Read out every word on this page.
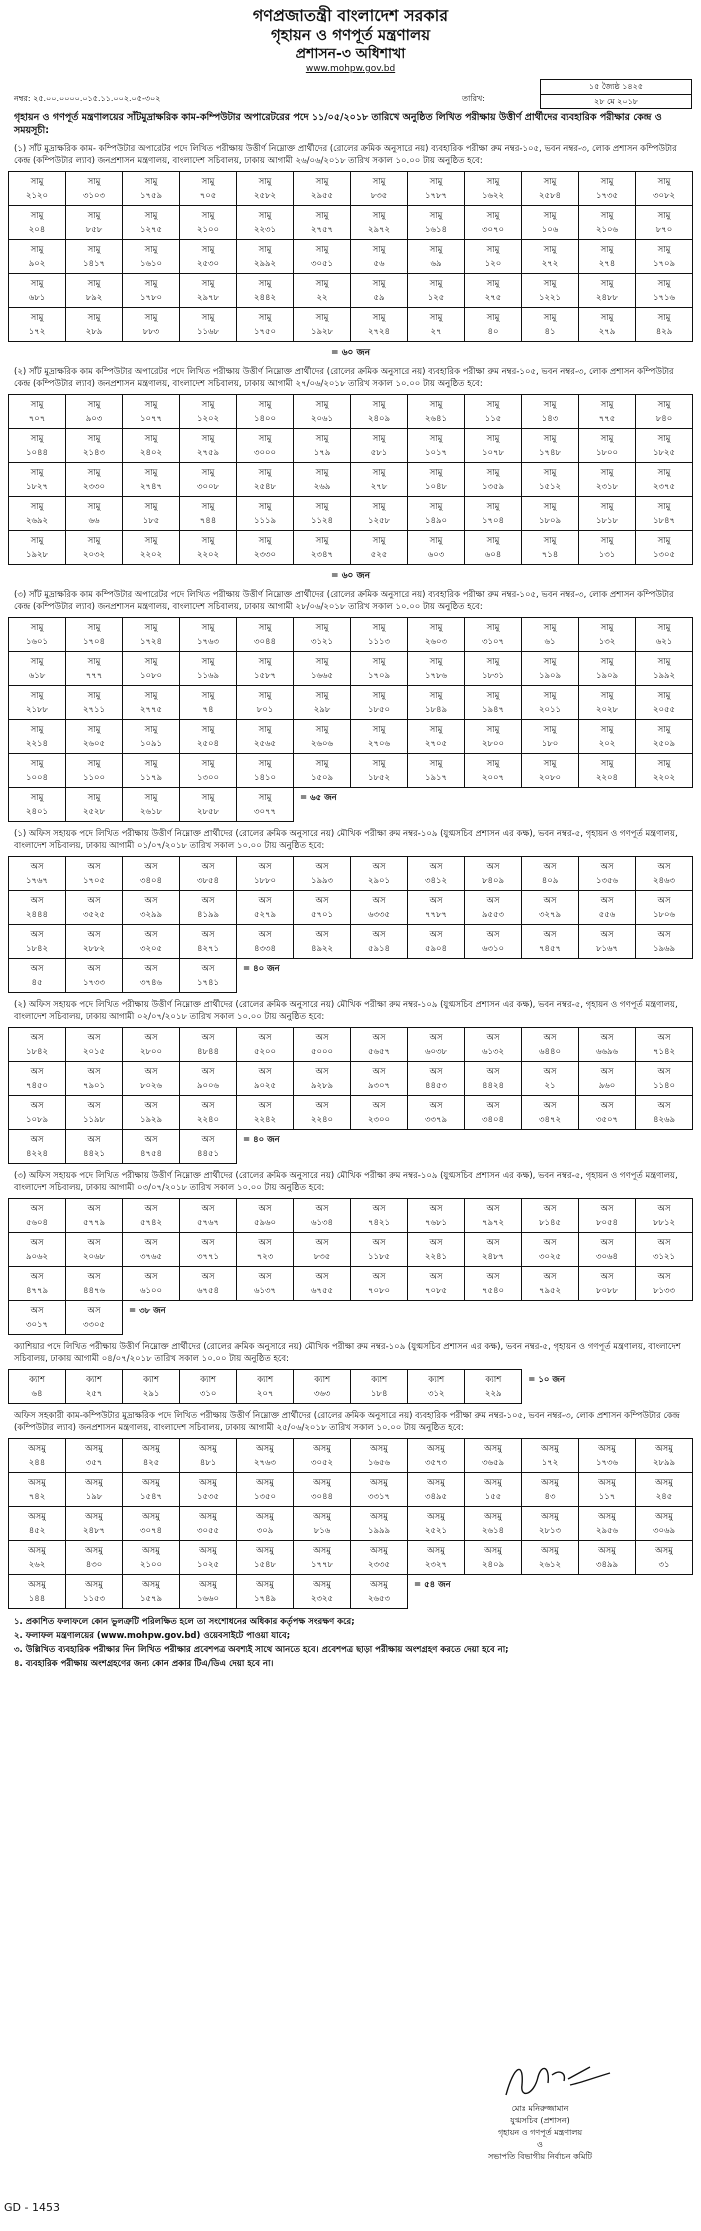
গণপ্রজাতন্ত্রী বাংলাদেশ সরকার
গৃহায়ন ও গণপূর্ত মন্ত্রণালয়
প্রশাসন-৩ অধিশাখা
www.mohpw.gov.bd
নম্বর: ২৫.০০.০০০০.০১৫.১১.০০২.০৫-৩০২	তারিখ:
১৫ জ্যৈষ্ঠ ১৪২৫
২৮ মে ২০১৮
গৃহায়ন ও গণপূর্ত মন্ত্রণালয়ের সাঁটমুদ্রাক্ষরিক কাম-কম্পিউটার অপারেটরের পদে ১১/০৫/২০১৮ তারিখে অনুষ্ঠিত লিখিত পরীক্ষায় উত্তীর্ণ প্রার্থীদের ব্যবহারিক পরীক্ষার কেন্দ্র ও সময়সূচী:
(১) সাঁট মুদ্রাক্ষরিক কাম- কম্পিউটার অপারেটর পদে লিখিত পরীক্ষায় উত্তীর্ণ নিম্নোক্ত প্রার্থীদের (রোলের ক্রমিক অনুসারে নয়) ব্যবহারিক পরীক্ষা রুম নম্বর-১০৫, ভবন নম্বর-৩, লোক প্রশাসন কম্পিউটার কেন্দ্র (কম্পিউটার ল্যাব) জনপ্রশাসন মন্ত্রণালয়, বাংলাদেশ সচিবালয়, ঢাকায় আগামী ২৬/০৬/২০১৮ তারিখ সকাল ১০.০০ টায় অনুষ্ঠিত হবে:
সামু
২১২০	সামু
৩১০৩	সামু
১৭৫৯	সামু
৭০৫	সামু
২৫৮২	সামু
২৯৫৫	সামু
৮৩৫	সামু
১৭৮৭	সামু
১৬২২	সামু
২৫৮৪	সামু
১৭৩৫	সামু
৩০৮২

সামু
২০৪	সামু
৮৫৮	সামু
১২৭৫	সামু
২১০০	সামু
২২৩১	সামু
২৭৫৭	সামু
২৯৭২	সামু
১৬১৪	সামু
৩০৭০	সামু
১০৬	সামু
২১০৬	সামু
৮৭০

সামু
৯০২	সামু
১৪১৭	সামু
১৬১০	সামু
২৫৩০	সামু
২৯৯২	সামু
৩০৫১	সামু
৫৬	সামু
৬৯	সামু
১২০	সামু
২৭২	সামু
২৭৪	সামু
১৭০৯

সামু
৬৮১	সামু
৮৯২	সামু
১৭৮০	সামু
২৯৭৮	সামু
২৪৪২	সামু
২২	সামু
৫৯	সামু
১২৫	সামু
২৭৫	সামু
১২২১	সামু
২৪৮৮	সামু
১৭১৬

সামু
১৭২	সামু
২৮৯	সামু
৮৮৩	সামু
১১৬৮	সামু
১৭৫০	সামু
১৯২৮	সামু
২৭২৪	সামু
২৭	সামু
৪০	সামু
৪১	সামু
২৭৯	সামু
৪২৯
= ৬০ জন
(২) সাঁট মুদ্রাক্ষরিক কাম কম্পিউটার অপারেটর পদে লিখিত পরীক্ষায় উত্তীর্ণ নিম্নোক্ত প্রার্থীদের (রোলের ক্রমিক অনুসারে নয়) ব্যবহারিক পরীক্ষা রুম নম্বর-১০৫, ভবন নম্বর-৩, লোক প্রশাসন কম্পিউটার কেন্দ্র (কম্পিউটার ল্যাব) জনপ্রশাসন মন্ত্রণালয়, বাংলাদেশ সচিবালয়, ঢাকায় আগামী ২৭/০৬/২০১৮ তারিখ সকাল ১০.০০ টায় অনুষ্ঠিত হবে:
সামু
৭০৭	সামু
৯০৩	সামু
১০৭৭	সামু
১২০২	সামু
১৪০০	সামু
২০৬১	সামু
২৪০৯	সামু
২৬৪১	সামু
১১৫	সামু
১৪৩	সামু
৭৭৫	সামু
৮৪০

সামু
১০৪৪	সামু
২১৪৩	সামু
২৪০২	সামু
২৭৫৯	সামু
৩০০০	সামু
১৭৯	সামু
৫৮১	সামু
১০১৭	সামু
১০৭৮	সামু
১৭৪৮	সামু
১৮০০	সামু
১৮২৫

সামু
১৮২৭	সামু
২৩৩০	সামু
২৭৪৭	সামু
৩০০৮	সামু
২৫৪৮	সামু
২৬৯	সামু
২৭৮	সামু
১০৪৮	সামু
১৩৫৯	সামু
১৫১২	সামু
২৩১৮	সামু
২৩৭৫

সামু
২৬৯২	সামু
৬৬	সামু
১৮৫	সামু
৭৪৪	সামু
১১১৯	সামু
১১২৪	সামু
১২৫৮	সামু
১৪৯০	সামু
১৭০৪	সামু
১৮০৯	সামু
১৮১৮	সামু
১৮৪৭

সামু
১৯২৮	সামু
২০৩২	সামু
২২০২	সামু
২২০২	সামু
২৩৩০	সামু
২৩৪৭	সামু
৫২৫	সামু
৬০৩	সামু
৬০৪	সামু
৭১৪	সামু
১৩১	সামু
১৩০৫
= ৬০ জন
(৩) সাঁট মুদ্রাক্ষরিক কাম কম্পিউটার অপারেটর পদে লিখিত পরীক্ষায় উত্তীর্ণ নিম্নোক্ত প্রার্থীদের (রোলের ক্রমিক অনুসারে নয়) ব্যবহারিক পরীক্ষা রুম নম্বর-১০৫, ভবন নম্বর-৩, লোক প্রশাসন কম্পিউটার কেন্দ্র (কম্পিউটার ল্যাব) জনপ্রশাসন মন্ত্রণালয়, বাংলাদেশ সচিবালয়, ঢাকায় আগামী ২৮/০৬/২০১৮ তারিখ সকাল ১০.০০ টায় অনুষ্ঠিত হবে:
সামু
১৬০১	সামু
১৭০৪	সামু
১৭২৪	সামু
১৭৬৩	সামু
৩০৪৪	সামু
৩১২১	সামু
১১১৩	সামু
২৬০৩	সামু
৩১০৭	সামু
৬১	সামু
১৩২	সামু
৬২১

সামু
৬১৮	সামু
৭৭৭	সামু
১০৮০	সামু
১১৬৯	সামু
১৫৮৭	সামু
১৬৬৫	সামু
১৭০৯	সামু
১৭৮৬	সামু
১৮৩১	সামু
১৯০৯	সামু
১৯০৯	সামু
১৯৯২

সামু
২১৮৮	সামু
২৭১১	সামু
২৭৭৫	সামু
৭৪	সামু
৮০১	সামু
২৯৮	সামু
১৮৫০	সামু
১৮৪৯	সামু
১৯৪৭	সামু
২০১১	সামু
২০২৮	সামু
২০৫৫

সামু
২২১৪	সামু
২৬০৫	সামু
১০৯১	সামু
২৫০৪	সামু
২৫৬৫	সামু
২৬০৬	সামু
২৭০৬	সামু
২৭০৫	সামু
২৮০০	সামু
১৮০	সামু
২০২	সামু
২৫০৯

সামু
১০০৪	সামু
১১০০	সামু
১১৭৯	সামু
১৩০০	সামু
১৪১০	সামু
১৫০৯	সামু
১৮৫২	সামু
১৯১৭	সামু
২০০৭	সামু
২০৮০	সামু
২২০৪	সামু
২২০২

সামু
২৪০১	সামু
২৫২৮	সামু
২৬১৮	সামু
২৮৫৮	সামু
৩০৭৭	= ৬৫ জন						
(১) অফিস সহায়ক পদে লিখিত পরীক্ষায় উত্তীর্ণ নিম্নোক্ত প্রার্থীদের (রোলের ক্রমিক অনুসারে নয়) মৌখিক পরীক্ষা রুম নম্বর-১০৯ (যুগ্মসচিব প্রশাসন এর কক্ষ), ভবন নম্বর-৫, গৃহায়ন ও গণপূর্ত মন্ত্রণালয়, বাংলাদেশ সচিবালয়, ঢাকায় আগামী ০১/০৭/২০১৮ তারিখ সকাল ১০.০০ টায় অনুষ্ঠিত হবে:
অস
১৭৬৭	অস
১৭০৫	অস
৩৪০৪	অস
৩৮৫৪	অস
১৮৮০	অস
১৯৯৩	অস
২৯০১	অস
৩৪১২	অস
৮৪০৯	অস
৪০৯	অস
১৩৫৬	অস
২৪৬৩

অস
২৪৪৪	অস
৩৫২৫	অস
৩২৯৯	অস
৪১৯৯	অস
৫২৭৯	অস
৫৭০১	অস
৬৩৩৫	অস
৭৭৮৭	অস
৯৫৫৩	অস
৩২৭৯	অস
৫৫৬	অস
১৮০৬

অস
১৮৪২	অস
২৮৮২	অস
৩২০৫	অস
৪২৭১	অস
৪৩৩৪	অস
৪৯২২	অস
৫৯১৪	অস
৫৯০৪	অস
৬৩১০	অস
৭৪৫৭	অস
৮১৬৭	অস
১৯৬৯

অস
৪৫	অস
১৭৩৩	অস
৩৭৪৬	অস
১৭৪১	= ৪০ জন							
(২) অফিস সহায়ক পদে লিখিত পরীক্ষায় উত্তীর্ণ নিম্নোক্ত প্রার্থীদের (রোলের ক্রমিক অনুসারে নয়) মৌখিক পরীক্ষা রুম নম্বর-১০৯ (যুগ্মসচিব প্রশাসন এর কক্ষ), ভবন নম্বর-৫, গৃহায়ন ও গণপূর্ত মন্ত্রণালয়, বাংলাদেশ সচিবালয়, ঢাকায় আগামী ০২/০৭/২০১৮ তারিখ সকাল ১০.০০ টায় অনুষ্ঠিত হবে:
অস
১৮৪২	অস
২০১৫	অস
২৮০০	অস
৪৮৪৪	অস
৫২০০	অস
৫০০০	অস
৫৬৫৭	অস
৬০৩৮	অস
৬১৩২	অস
৬৪৪০	অস
৬৬৯৬	অস
৭১৪২

অস
৭৪৫০	অস
৭৯০১	অস
৮০২৬	অস
৯০০৬	অস
৯০২৫	অস
৯২৮৯	অস
৯৩০৭	অস
৪৪৫৩	অস
৪৪২৪	অস
২১	অস
৯৬০	অস
১১৪০

অস
১০৮৯	অস
১১৯৮	অস
১৯২৯	অস
২২৪০	অস
২২৪২	অস
২২৪০	অস
২৩০০	অস
৩৩৭৯	অস
৩৪০৪	অস
৩৪৭২	অস
৩৫০৭	অস
৪২৬৯

অস
৪২২৪	অস
৪৪২১	অস
৪৭৫৪	অস
৪৪৫১	= ৪০ জন							
(৩) অফিস সহায়ক পদে লিখিত পরীক্ষায় উত্তীর্ণ নিম্নোক্ত প্রার্থীদের (রোলের ক্রমিক অনুসারে নয়) মৌখিক পরীক্ষা রুম নম্বর-১০৯ (যুগ্মসচিব প্রশাসন এর কক্ষ), ভবন নম্বর-৫, গৃহায়ন ও গণপূর্ত মন্ত্রণালয়, বাংলাদেশ সচিবালয়, ঢাকায় আগামী ০৩/০৭/২০১৮ তারিখ সকাল ১০.০০ টায় অনুষ্ঠিত হবে:
অস
৫৬০৪	অস
৫৭৭৯	অস
৫৭৪২	অস
৫৭৬৭	অস
৫৯৬০	অস
৬১৩৪	অস
৭৪২১	অস
৭৬৮১	অস
৭৯৭২	অস
৮১৪৫	অস
৮০৫৪	অস
৮৮১২

অস
৯০৬২	অস
২০৬৮	অস
৩৭৬৫	অস
৩৭৭১	অস
৭২৩	অস
৮৩৫	অস
১১৮৫	অস
২২৪১	অস
২৪৮৭	অস
৩০২৫	অস
৩০৬৪	অস
৩১২১

অস
৪৭৭৯	অস
৪৪৭৬	অস
৬১০০	অস
৬৭৫৪	অস
৬১৩৭	অস
৬৭৫৫	অস
৭০৮০	অস
৭০৮৫	অস
৭৫৪০	অস
৭৯৫২	অস
৮০৮৮	অস
৮১৩৩

অস
৩০১৭	অস
৩৩০৫	= ৩৮ জন									
ক্যাশিয়ার পদে লিখিত পরীক্ষায় উত্তীর্ণ নিম্নোক্ত প্রার্থীদের (রোলের ক্রমিক অনুসারে নয়) মৌখিক পরীক্ষা রুম নম্বর-১০৯ (যুগ্মসচিব প্রশাসন এর কক্ষ), ভবন নম্বর-৫, গৃহায়ন ও গণপূর্ত মন্ত্রণালয়, বাংলাদেশ সচিবালয়, ঢাকায় আগামী ০৪/০৭/২০১৮ তারিখ সকাল ১০.০০ টায় অনুষ্ঠিত হবে:
ক্যাশ
৬৪

ক্যাশ
২৫৭

ক্যাশ
২৯১

ক্যাশ
৩১০

ক্যাশ
২০৭

ক্যাশ
৩৬৩

ক্যাশ
১৮৪

ক্যাশ
৩১২

ক্যাশ
২২৯
	= ১০ জন
অফিস সহকারী কাম-কম্পিউটার মুদ্রাক্ষরিক পদে লিখিত পরীক্ষায় উত্তীর্ণ নিম্নোক্ত প্রার্থীদের (রোলের ক্রমিক অনুসারে নয়) ব্যবহারিক পরীক্ষা রুম নম্বর-১০৫, ভবন নম্বর-৩, লোক প্রশাসন কম্পিউটার কেন্দ্র (কম্পিউটার ল্যাব) জনপ্রশাসন মন্ত্রণালয়, বাংলাদেশ সচিবালয়, ঢাকায় আগামী ২৫/০৬/২০১৮ তারিখ সকাল ১০.০০ টায় অনুষ্ঠিত হবে:
অসমু
২৪৪	অসমু
৩৫৭	অসমু
৪২৫	অসমু
৪৮১	অসমু
২৭৬৩	অসমু
৩০৫২	অসমু
১৬৫৬	অসমু
৩৫৭৩	অসমু
৩৬৫৯	অসমু
১৭২	অসমু
১৭৩৬	অসমু
২৮৯৯

অসমু
৭৪২	অসমু
১৯৮	অসমু
১৫৪৭	অসমু
১৫৩৫	অসমু
১৩৫০	অসমু
৩০৪৪	অসমু
৩৩১৭	অসমু
৩৪৯৫	অসমু
১৫৫	অসমু
৪৩	অসমু
১১৭	অসমু
২৪৫

অসমু
৪৫২	অসমু
২৪৮৭	অসমু
৩০৭৪	অসমু
৩০৫৫	অসমু
৩০৯	অসমু
৮১৬	অসমু
১৯৯৯	অসমু
২৫২১	অসমু
২৬১৪	অসমু
২৮১৩	অসমু
২৯৫৬	অসমু
৩০৬৯

অসমু
২৬২	অসমু
৪৩০	অসমু
২১০০	অসমু
১০২৫	অসমু
১৫৪৮	অসমু
১৭৭৮	অসমু
২৩৩৫	অসমু
২৩২৭	অসমু
২৪০৯	অসমু
২৬১২	অসমু
৩৪৯৯	অসমু
৩১

অসমু
১৪৪	অসমু
১১৫৩	অসমু
১৫৭৯	অসমু
১৬৬০	অসমু
১৭৪৯	অসমু
২৩২৫	অসমু
২৬৫৩	= ৫৪ জন				
১. প্রকাশিত ফলাফলে কোন ভুলত্রুটি পরিলক্ষিত হলে তা সংশোধনের অধিকার কর্তৃপক্ষ সংরক্ষণ করে;
২. ফলাফল মন্ত্রণালয়ের (www.mohpw.gov.bd) ওয়েবসাইটে পাওয়া যাবে;
৩. উল্লিখিত ব্যবহারিক পরীক্ষার দিন লিখিত পরীক্ষার প্রবেশপত্র অবশ্যই সাথে আনতে হবে। প্রবেশপত্র ছাড়া পরীক্ষায় অংশগ্রহণ করতে দেয়া হবে না;
৪. ব্যবহারিক পরীক্ষায় অংশগ্রহণের জন্য কোন প্রকার টিএ/ডিএ দেয়া হবে না।
মোঃ মনিরুজ্জামান
যুগ্মসচিব (প্রশাসন)
গৃহায়ন ও গণপূর্ত মন্ত্রণালয়
ও
সভাপতি বিভাগীয় নির্বাচন কমিটি
GD - 1453
